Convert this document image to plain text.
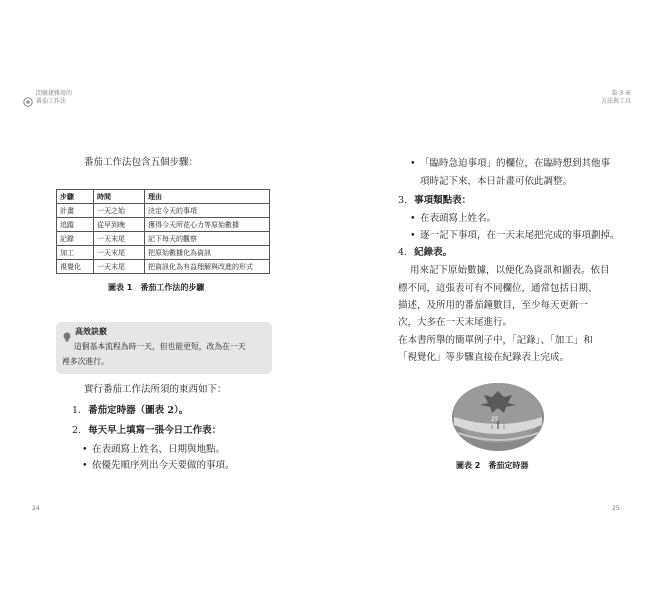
問敏捷雅用的
番茄工作法
第 3 章
方法與工具
番茄工作法包含五個步驟：
步驟	時間	理由
計畫	一天之始	決定今天的事項
追蹤	從早到晚	獲得今天所花心力等原始數據
記錄	一天末尾	記下每天的觀察
加工	一天末尾	把原始數據化為資訊
視覺化	一天末尾	把資訊化為有益理解與改進的形式
圖表 1　番茄工作法的步驟
高效訣竅
這個基本流程為時一天，但也能更短，改為在一天
裡多次進行。
實行番茄工作法所須的東西如下：
1. 番茄定時器（圖表 2）。
2. 每天早上填寫一張今日工作表：
• 在表頭寫上姓名、日期與地點。
• 依優先順序列出今天要做的事項。
24
• 「臨時急迫事項」的欄位，在臨時想到其他事
項時記下來，本日計畫可依此調整。
3. 事項類點表：
• 在表頭寫上姓名。
• 逐一記下事項，在一天末尾把完成的事項劃掉。
4. 紀錄表。
用來記下原始數據，以便化為資訊和圖表。依目
標不同，這張表可有不同欄位，通常包括日期、
描述，及所用的番茄鐘數目，至少每天更新一
次，大多在一天末尾進行。
在本書所舉的簡單例子中，「記錄」、「加工」和
「視覺化」等步驟直接在紀錄表上完成。
25
圖表 2　番茄定時器
25
